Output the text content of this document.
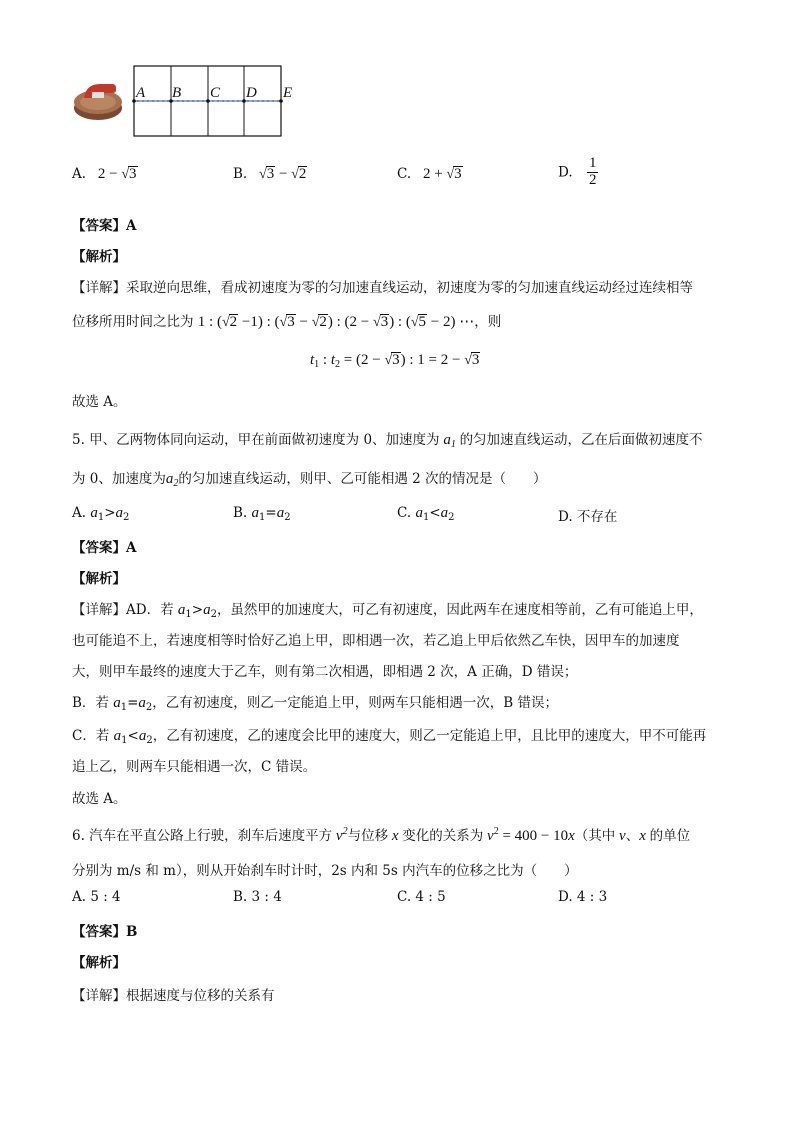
A B C D E
A.   2 − √3	B. √3 − √2	C.   2 + √3	D. $\frac{1}{2}$
【答案】A
【解析】
【详解】采取逆向思维，看成初速度为零的匀加速直线运动，初速度为零的匀加速直线运动经过连续相等
位移所用时间之比为 1 : (√2 −1) : (√3 − √2) : (2 − √3) : (√5 − 2) ⋯，则
$t_1$ : $t_2 = (2 - √3)$ : 1 = 2 − √3
故选 A。
5. 甲、乙两物体同向运动，甲在前面做初速度为 0、加速度为 $a_1$ 的匀加速直线运动，乙在后面做初速度不
为 0、加速度为$a_2$的匀加速直线运动，则甲、乙可能相遇 2 次的情况是（　　）
A. $a_1>a_2$	B. $a_1=a_2$	C. $a_1<a_2$	D. 不存在
【答案】A
【解析】
【详解】AD．若 $a_1>a_2$，虽然甲的加速度大，可乙有初速度，因此两车在速度相等前，乙有可能追上甲，
也可能追不上，若速度相等时恰好乙追上甲，即相遇一次，若乙追上甲后依然乙车快，因甲车的加速度
大，则甲车最终的速度大于乙车，则有第二次相遇，即相遇 2 次，A 正确，D 错误；
B．若 $a_1=a_2$，乙有初速度，则乙一定能追上甲，则两车只能相遇一次，B 错误；
C．若 $a_1<a_2$，乙有初速度，乙的速度会比甲的速度大，则乙一定能追上甲，且比甲的速度大，甲不可能再
追上乙，则两车只能相遇一次，C 错误。
故选 A。
6. 汽车在平直公路上行驶，刹车后速度平方 $v^2$与位移 x 变化的关系为 $v^2 = 400 - 10x$（其中 v、x 的单位
分别为 m/s 和 m），则从开始刹车时计时，2s 内和 5s 内汽车的位移之比为（　　）
A. 5 : 4	B. 3 : 4	C. 4 : 5	D. 4 : 3
【答案】B
【解析】
【详解】根据速度与位移的关系有
